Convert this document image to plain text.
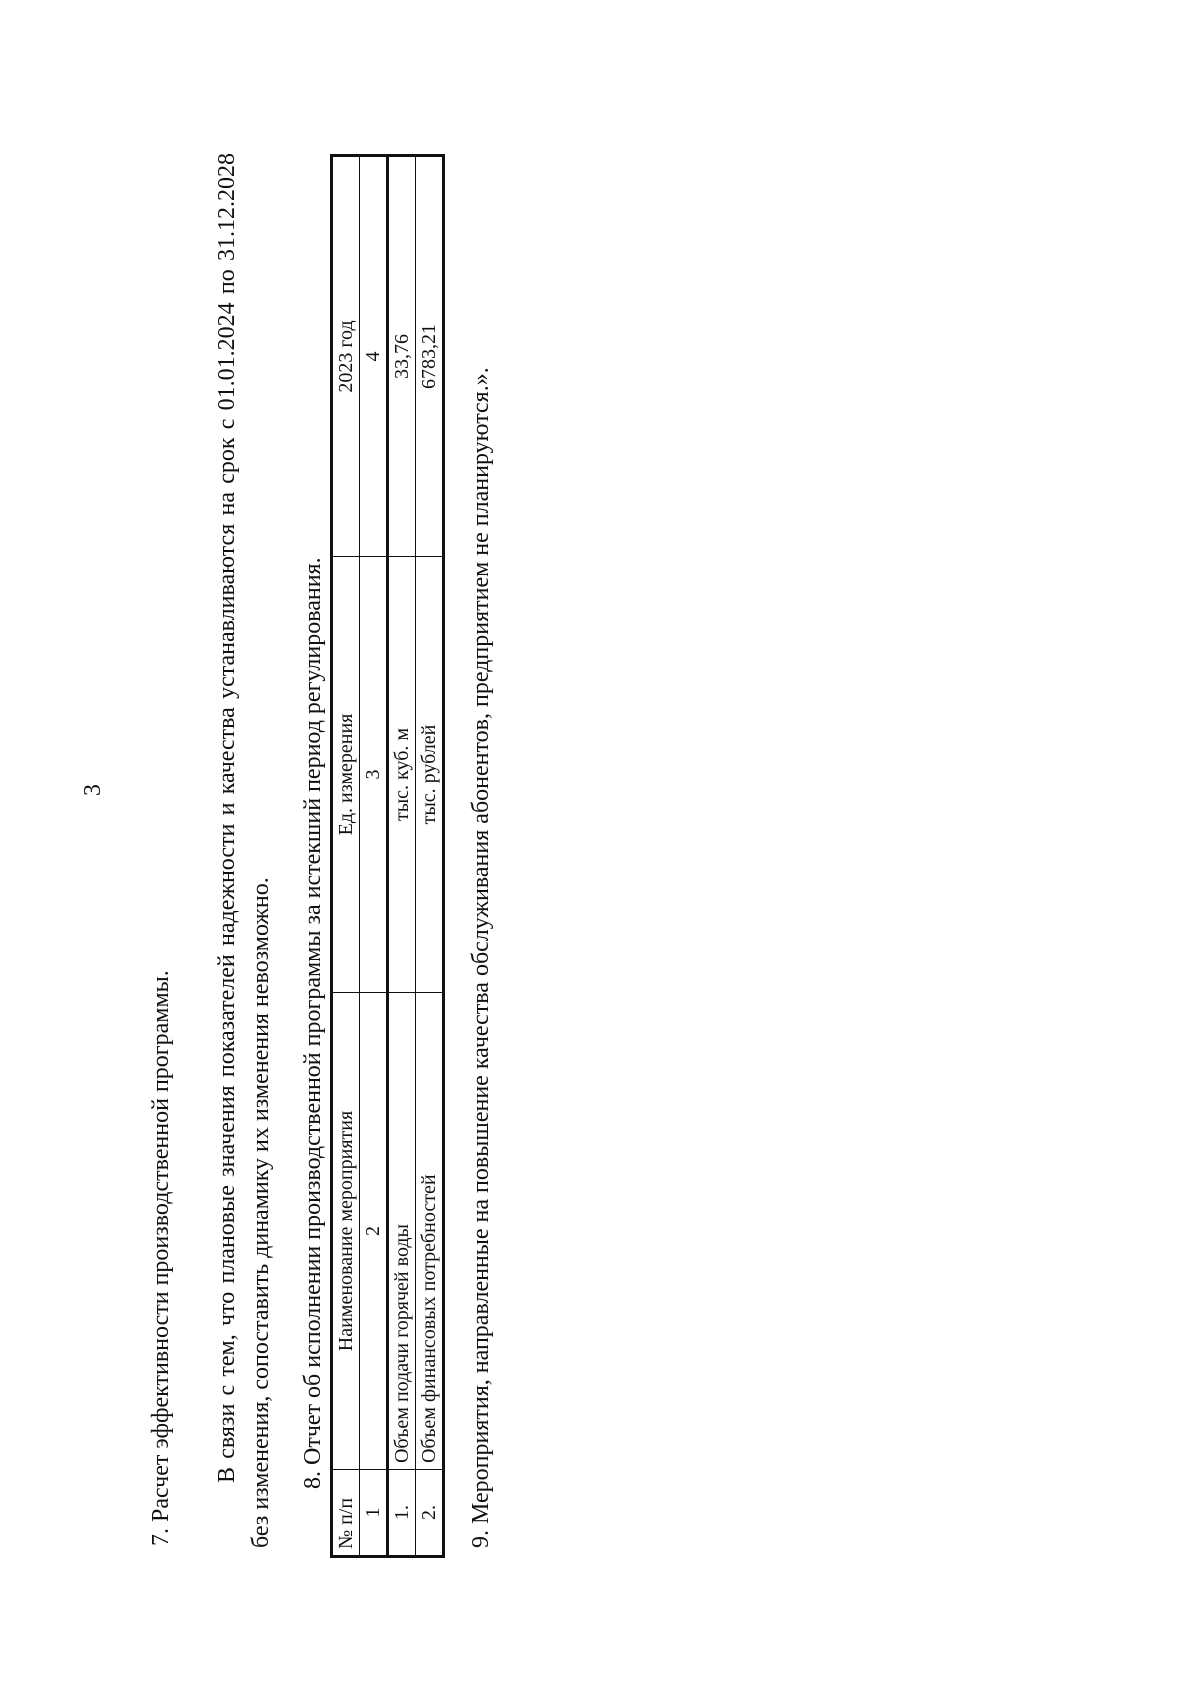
3
7. Расчет эффективности производственной программы. В связи с тем, что плановые значения показателей надежности и качества устанавливаются на срок с 01.01.2024 по 31.12.2028 без изменения, сопоставить динамику их изменения невозможно. 8. Отчет об исполнении производственной программы за истекший период регулирования.
№ п/п	Наименование мероприятия	Ед. измерения	2023 год
1	2	3	4
1.	Объем подачи горячей воды	тыс. куб. м	33,76
2.	Объем финансовых потребностей	тыс. рублей	6783,21
9. Мероприятия, направленные на повышение качества обслуживания абонентов, предприятием не планируются.».
